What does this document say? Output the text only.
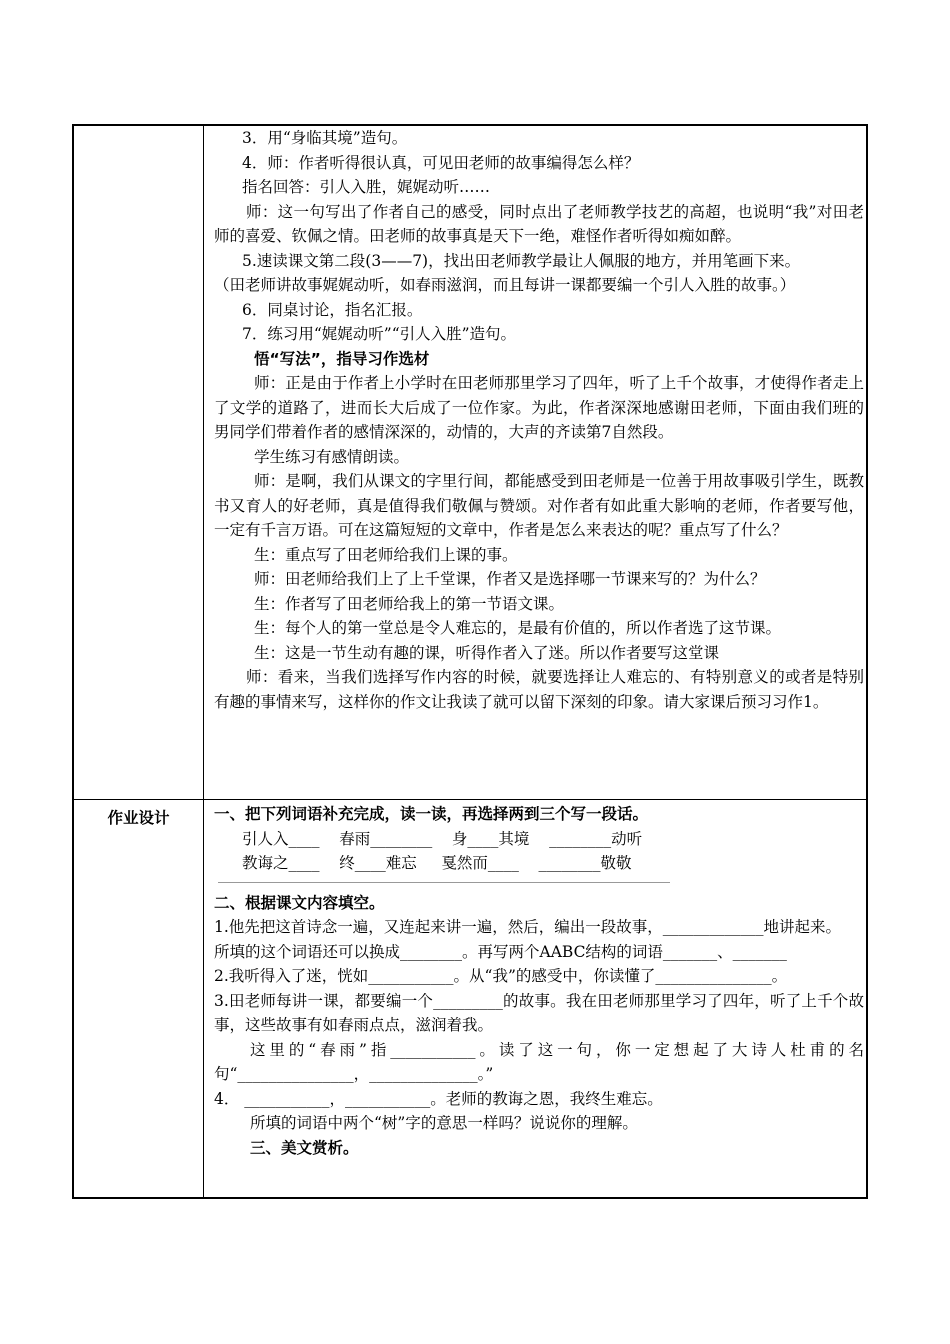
作业设计

3．用“身临其境”造句。

4．师：作者听得很认真，可见田老师的故事编得怎么样？

指名回答：引人入胜，娓娓动听……

师：这一句写出了作者自己的感受，同时点出了老师教学技艺的高超，也说明“我”对田老师的喜爱、钦佩之情。田老师的故事真是天下一绝，难怪作者听得如痴如醉。

5.速读课文第二段(3——7)，找出田老师教学最让人佩服的地方，并用笔画下来。

（田老师讲故事娓娓动听，如春雨滋润，而且每讲一课都要编一个引人入胜的故事。）

6．同桌讨论，指名汇报。

7．练习用“娓娓动听”“引人入胜”造句。

悟“写法”，指导习作选材

师：正是由于作者上小学时在田老师那里学习了四年，听了上千个故事，才使得作者走上了文学的道路了，进而长大后成了一位作家。为此，作者深深地感谢田老师，下面由我们班的男同学们带着作者的感情深深的，动情的，大声的齐读第7自然段。

学生练习有感情朗读。

师：是啊，我们从课文的字里行间，都能感受到田老师是一位善于用故事吸引学生，既教书又育人的好老师，真是值得我们敬佩与赞颂。对作者有如此重大影响的老师，作者要写他，一定有千言万语。可在这篇短短的文章中，作者是怎么来表达的呢？重点写了什么？

生：重点写了田老师给我们上课的事。

师：田老师给我们上了上千堂课，作者又是选择哪一节课来写的？为什么？

生：作者写了田老师给我上的第一节语文课。

生：每个人的第一堂总是令人难忘的，是最有价值的，所以作者选了这节课。

生：这是一节生动有趣的课，听得作者入了迷。所以作者要写这堂课

师：看来，当我们选择写作内容的时候，就要选择让人难忘的、有特别意义的或者是特别有趣的事情来写，这样你的作文让我读了就可以留下深刻的印象。请大家课后预习习作1。

一、把下列词语补充完成，读一读，再选择两到三个写一段话。

引人入____    春雨________    身____其境    ________动听

教诲之____    终____难忘     戛然而____    ________敬敬

二、根据课文内容填空。

1.他先把这首诗念一遍，又连起来讲一遍，然后，编出一段故事，_____________地讲起来。

所填的这个词语还可以换成________。再写两个AABC结构的词语_______、_______

2.我听得入了迷，恍如___________。从“我”的感受中，你读懂了_______________。

3.田老师每讲一课，都要编一个_________的故事。我在田老师那里学习了四年，听了上千个故事，这些故事有如春雨点点，滋润着我。

这里的“春雨”指___________。读了这一句，你一定想起了大诗人杜甫的名句“_______________，______________。”

4． ___________，___________。老师的教诲之恩，我终生难忘。

所填的词语中两个“树”字的意思一样吗？说说你的理解。

三、美文赏析。
